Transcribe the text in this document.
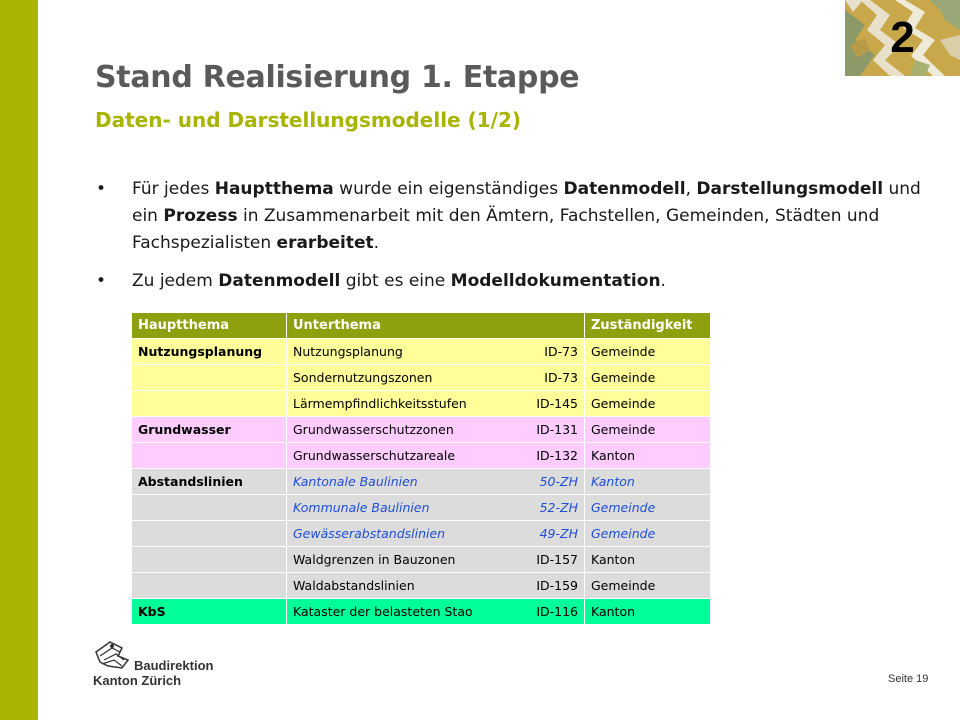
2
Stand Realisierung 1. Etappe
Daten- und Darstellungsmodelle (1/2)
• Für jedes Hauptthema wurde ein eigenständiges Datenmodell, Darstellungsmodell und ein Prozess in Zusammenarbeit mit den Ämtern, Fachstellen, Gemeinden, Städten und Fachspezialisten erarbeitet.
• Zu jedem Datenmodell gibt es eine Modelldokumentation.
Hauptthema	Unterthema	Zuständigkeit
Nutzungsplanung	Nutzungsplanung ID-73	Gemeinde

	Sondernutzungszonen ID-73	Gemeinde

	Lärmempfindlichkeitsstufen ID-145	Gemeinde
Grundwasser	Grundwasserschutzzonen ID-131	Gemeinde

	Grundwasserschutzareale ID-132	Kanton
Abstandslinien	Kantonale Baulinien 50-ZH	Kanton

	Kommunale Baulinien 52-ZH	Gemeinde

	Gewässerabstandslinien 49-ZH	Gemeinde

	Waldgrenzen in Bauzonen ID-157	Kanton

	Waldabstandslinien ID-159	Gemeinde
KbS	Kataster der belasteten Stao ID-116	Kanton
Baudirektion
Kanton Zürich	Seite 19
